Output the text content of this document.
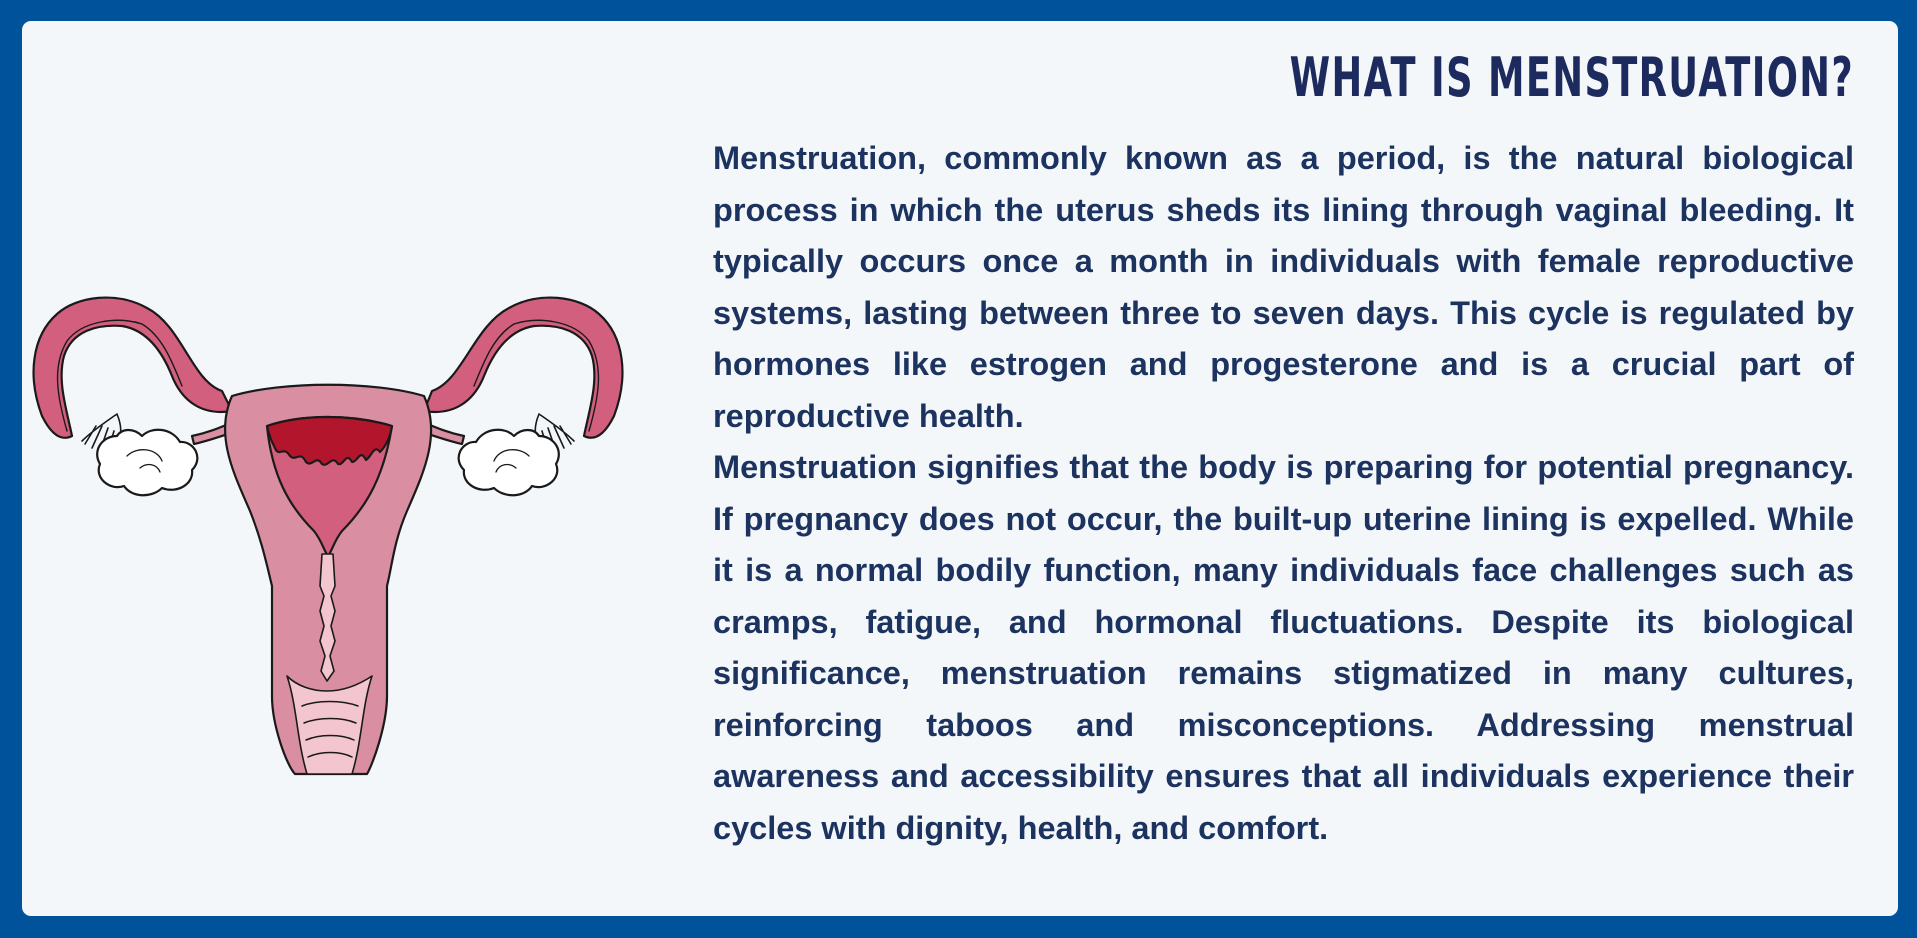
WHAT IS MENSTRUATION?

Menstruation, commonly known as a period, is the natural biological process in which the uterus sheds its lining through vaginal bleeding. It typically occurs once a month in individuals with female reproductive systems, lasting between three to seven days. This cycle is regulated by hormones like estrogen and progesterone and is a crucial part of reproductive health.

Menstruation signifies that the body is preparing for potential pregnancy. If pregnancy does not occur, the built-up uterine lining is expelled. While it is a normal bodily function, many individuals face challenges such as cramps, fatigue, and hormonal fluctuations. Despite its biological significance, menstruation remains stigmatized in many cultures, reinforcing taboos and misconceptions. Addressing menstrual awareness and accessibility ensures that all individuals experience their cycles with dignity, health, and comfort.
